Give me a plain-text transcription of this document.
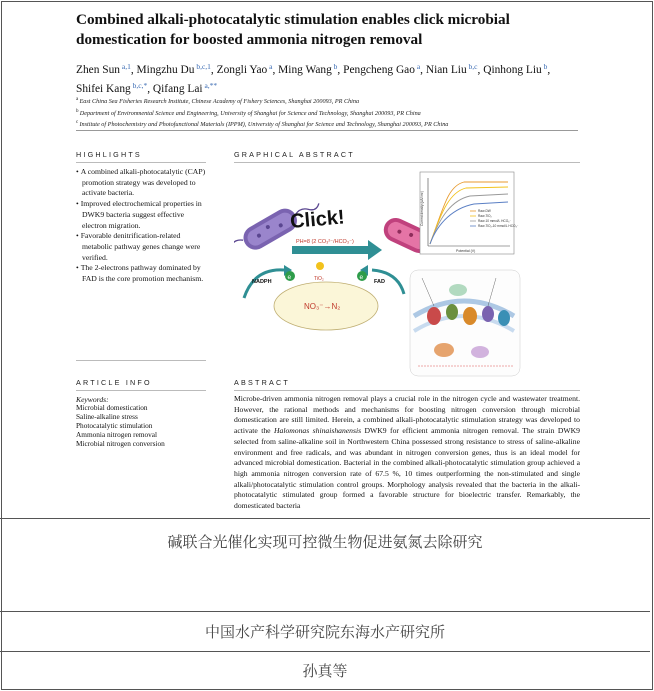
Combined alkali-photocatalytic stimulation enables click microbial domestication for boosted ammonia nitrogen removal
Zhen Sun $^{a,1}$, Mingzhu Du $^{b,c,1}$, Zongli Yao $^a$, Ming Wang $^b$, Pengcheng Gao $^a$, Nian Liu $^{b,c}$, Qinhong Liu $^b$, Shifei Kang $^{b,c,*}$, Qifang Lai $^{a,**}$
$^a$ East China Sea Fisheries Research Institute, Chinese Academy of Fishery Sciences, Shanghai 200093, PR China
$^b$ Department of Environmental Science and Engineering, University of Shanghai for Science and Technology, Shanghai 200093, PR China
$^c$ Institute of Photochemistry and Photofunctional Materials (IPPM), University of Shanghai for Science and Technology, Shanghai 200093, PR China
HIGHLIGHTS
• A combined alkali-photocatalytic (CAP) promotion strategy was developed to activate bacteria.
• Improved electrochemical properties in DWK9 bacteria suggest effective electron migration.
• Favorable denitrification-related metabolic pathway genes change were verified.
• The 2-electrons pathway dominated by FAD is the core promotion mechanism.
GRAPHICAL ABSTRACT
Click!
PH=8 (2 CO₃²⁻/HCO₃⁻)
TiO₂
NO₃⁻→N₂
e	e
NADPH	FAD
Raw-DW
Raw-TiO₂
Raw-10 mmol/L HCO₃⁻
Raw-TiO₂-10 mmol/L HCO₃⁻
Potential (V)
Current density (μA/cm²)
ARTICLE INFO
Keywords:
Microbial domestication
Saline-alkaline stress
Photocatalytic stimulation
Ammonia nitrogen removal
Microbial nitrogen conversion
ABSTRACT
Microbe-driven ammonia nitrogen removal plays a crucial role in the nitrogen cycle and wastewater treatment. However, the rational methods and mechanisms for boosting nitrogen conversion through microbial domestication are still limited. Herein, a combined alkali-photocatalytic stimulation strategy was developed to activate the Halomonas shinaishanensis DWK9 for efficient ammonia nitrogen removal. The strain DWK9 selected from saline-alkaline soil in Northwestern China possessed strong resistance to stress of saline-alkaline environment and free radicals, and was abundant in nitrogen conversion genes, thus is an ideal model for advanced microbial domestication. Bacterial in the combined alkali-photocatalytic stimulation group achieved a high ammonia nitrogen conversion rate of 67.5 %, 10 times outperforming the non-stimulated and single alkali/photocatalytic stimulation control groups. Morphology analysis revealed that the bacteria in the alkali-photocatalytic stimulated group formed a favorable structure for bioelectric transfer. Remarkably, the domesticated bacteria
碱联合光催化实现可控微生物促进氨氮去除研究
中国水产科学研究院东海水产研究所
孙真等
